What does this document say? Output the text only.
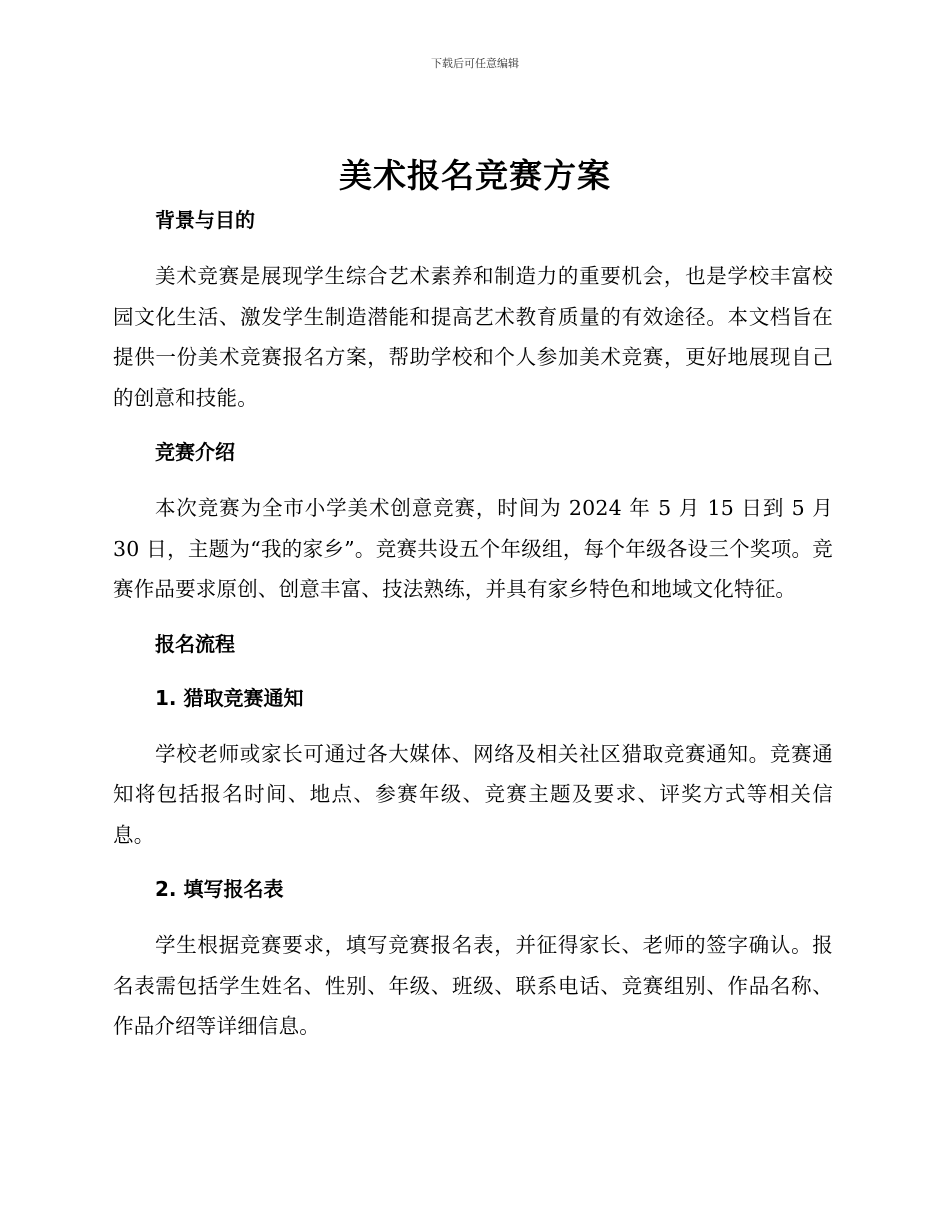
下载后可任意编辑
美术报名竞赛方案
背景与目的

美术竞赛是展现学生综合艺术素养和制造力的重要机会，也是学校丰富校园文化生活、激发学生制造潜能和提高艺术教育质量的有效途径。本文档旨在提供一份美术竞赛报名方案，帮助学校和个人参加美术竞赛，更好地展现自己的创意和技能。

竞赛介绍

本次竞赛为全市小学美术创意竞赛，时间为 2024 年 5 月 15 日到 5 月 30 日，主题为“我的家乡”。竞赛共设五个年级组，每个年级各设三个奖项。竞赛作品要求原创、创意丰富、技法熟练，并具有家乡特色和地域文化特征。

报名流程
1. 猎取竞赛通知

学校老师或家长可通过各大媒体、网络及相关社区猎取竞赛通知。竞赛通知将包括报名时间、地点、参赛年级、竞赛主题及要求、评奖方式等相关信息。

2. 填写报名表

学生根据竞赛要求，填写竞赛报名表，并征得家长、老师的签字确认。报名表需包括学生姓名、性别、年级、班级、联系电话、竞赛组别、作品名称、作品介绍等详细信息。
